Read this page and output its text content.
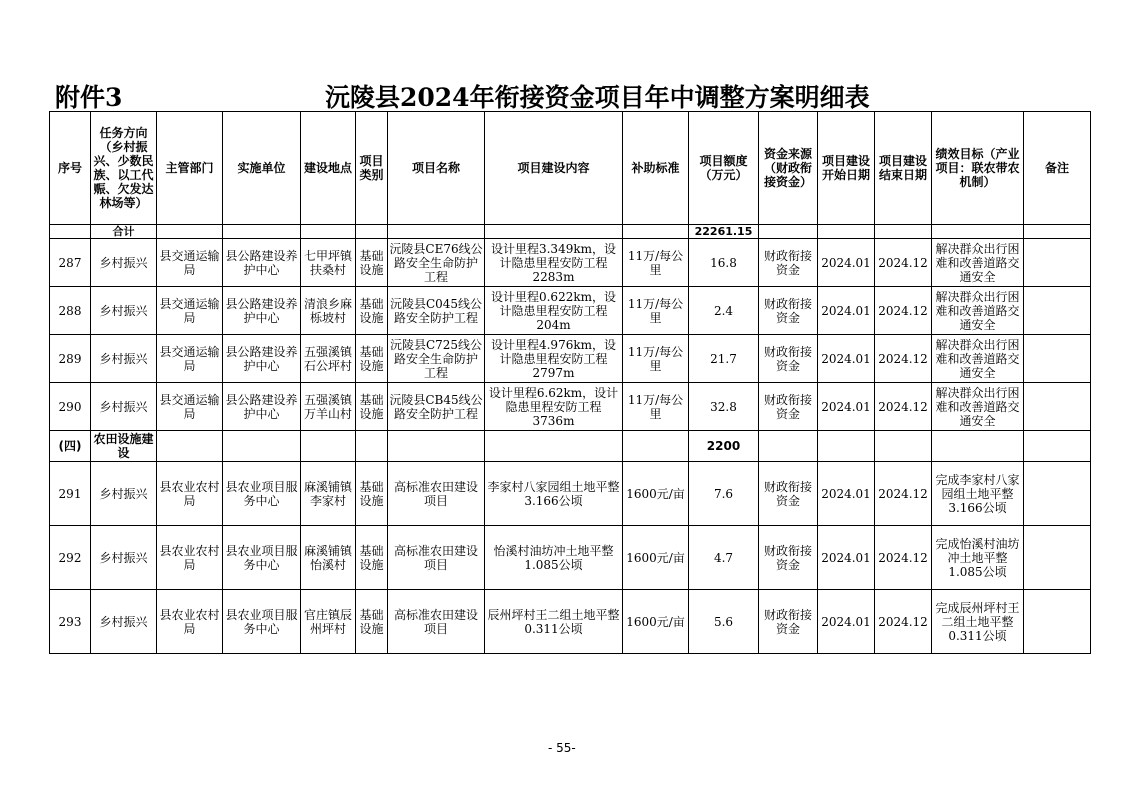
附件3	沅陵县2024年衔接资金项目年中调整方案明细表
序号	任务方向（乡村振兴、少数民族、以工代赈、欠发达林场等）	主管部门	实施单位	建设地点	项目类别	项目名称	项目建设内容	补助标准	项目额度（万元）	资金来源（财政衔接资金）	项目建设开始日期	项目建设结束日期	绩效目标（产业项目：联农带农机制）	备注
	合计								22261.15					
287	乡村振兴	县交通运输局	县公路建设养护中心	七甲坪镇扶桑村	基础设施	沅陵县CE76线公路安全生命防护工程	设计里程3.349km，设计隐患里程安防工程2283m	11万/每公里	16.8	财政衔接资金	2024.01	2024.12	解决群众出行困难和改善道路交通安全	
288	乡村振兴	县交通运输局	县公路建设养护中心	清浪乡麻栎坡村	基础设施	沅陵县C045线公路安全防护工程	设计里程0.622km，设计隐患里程安防工程204m	11万/每公里	2.4	财政衔接资金	2024.01	2024.12	解决群众出行困难和改善道路交通安全	
289	乡村振兴	县交通运输局	县公路建设养护中心	五强溪镇石公坪村	基础设施	沅陵县C725线公路安全生命防护工程	设计里程4.976km，设计隐患里程安防工程2797m	11万/每公里	21.7	财政衔接资金	2024.01	2024.12	解决群众出行困难和改善道路交通安全	
290	乡村振兴	县交通运输局	县公路建设养护中心	五强溪镇万羊山村	基础设施	沅陵县CB45线公路安全防护工程	设计里程6.62km，设计隐患里程安防工程3736m	11万/每公里	32.8	财政衔接资金	2024.01	2024.12	解决群众出行困难和改善道路交通安全	
(四)	农田设施建设								2200					
291	乡村振兴	县农业农村局	县农业项目服务中心	麻溪铺镇李家村	基础设施	高标准农田建设项目	李家村八家园组土地平整3.166公顷	1600元/亩	7.6	财政衔接资金	2024.01	2024.12	完成李家村八家园组土地平整3.166公顷	
292	乡村振兴	县农业农村局	县农业项目服务中心	麻溪铺镇怡溪村	基础设施	高标准农田建设项目	怡溪村油坊冲土地平整1.085公顷	1600元/亩	4.7	财政衔接资金	2024.01	2024.12	完成怡溪村油坊冲土地平整1.085公顷	
293	乡村振兴	县农业农村局	县农业项目服务中心	官庄镇辰州坪村	基础设施	高标准农田建设项目	辰州坪村王二组土地平整0.311公顷	1600元/亩	5.6	财政衔接资金	2024.01	2024.12	完成辰州坪村王二组土地平整0.311公顷	
- 55-
